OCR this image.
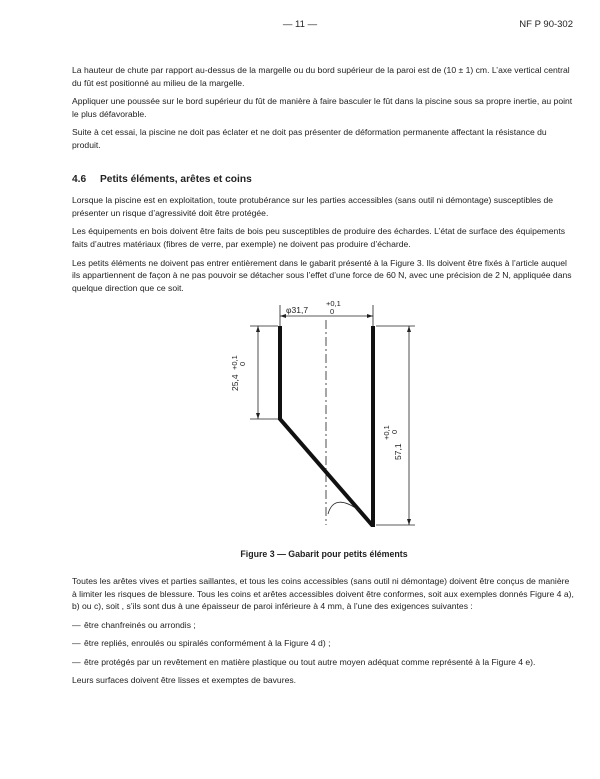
— 11 —	NF P 90-302

La hauteur de chute par rapport au-dessus de la margelle ou du bord supérieur de la paroi est de (10 ± 1) cm. L’axe vertical central du fût est positionné au milieu de la margelle.

Appliquer une poussée sur le bord supérieur du fût de manière à faire basculer le fût dans la piscine sous sa propre inertie, au point le plus défavorable.

Suite à cet essai, la piscine ne doit pas éclater et ne doit pas présenter de déformation permanente affectant la résistance du produit.

4.6 Petits éléments, arêtes et coins

Lorsque la piscine est en exploitation, toute protubérance sur les parties accessibles (sans outil ni démontage) susceptibles de présenter un risque d’agressivité doit être protégée.

Les équipements en bois doivent être faits de bois peu susceptibles de produire des échardes. L’état de surface des équipements faits d’autres matériaux (fibres de verre, par exemple) ne doivent pas produire d’écharde.

Les petits éléments ne doivent pas entrer entièrement dans le gabarit présenté à la Figure 3. Ils doivent être fixés à l’article auquel ils appartiennent de façon à ne pas pouvoir se détacher sous l’effet d’une force de 60 N, avec une précision de 2 N, appliquée dans quelque direction que ce soit.

φ31,7
+0,1
0
25,4
+0,1 0
57,1
+0,1 0
Figure 3 — Gabarit pour petits éléments

Toutes les arêtes vives et parties saillantes, et tous les coins accessibles (sans outil ni démontage) doivent être conçus de manière à limiter les risques de blessure. Tous les coins et arêtes accessibles doivent être conformes, soit aux exemples donnés Figure 4 a), b) ou c), soit , s’ils sont dus à une épaisseur de paroi inférieure à 4 mm, à l’une des exigences suivantes :

— être chanfreinés ou arrondis ;
— être repliés, enroulés ou spiralés conformément à la Figure 4 d) ;
— être protégés par un revêtement en matière plastique ou tout autre moyen adéquat comme représenté à la Figure 4 e).

Leurs surfaces doivent être lisses et exemptes de bavures.
